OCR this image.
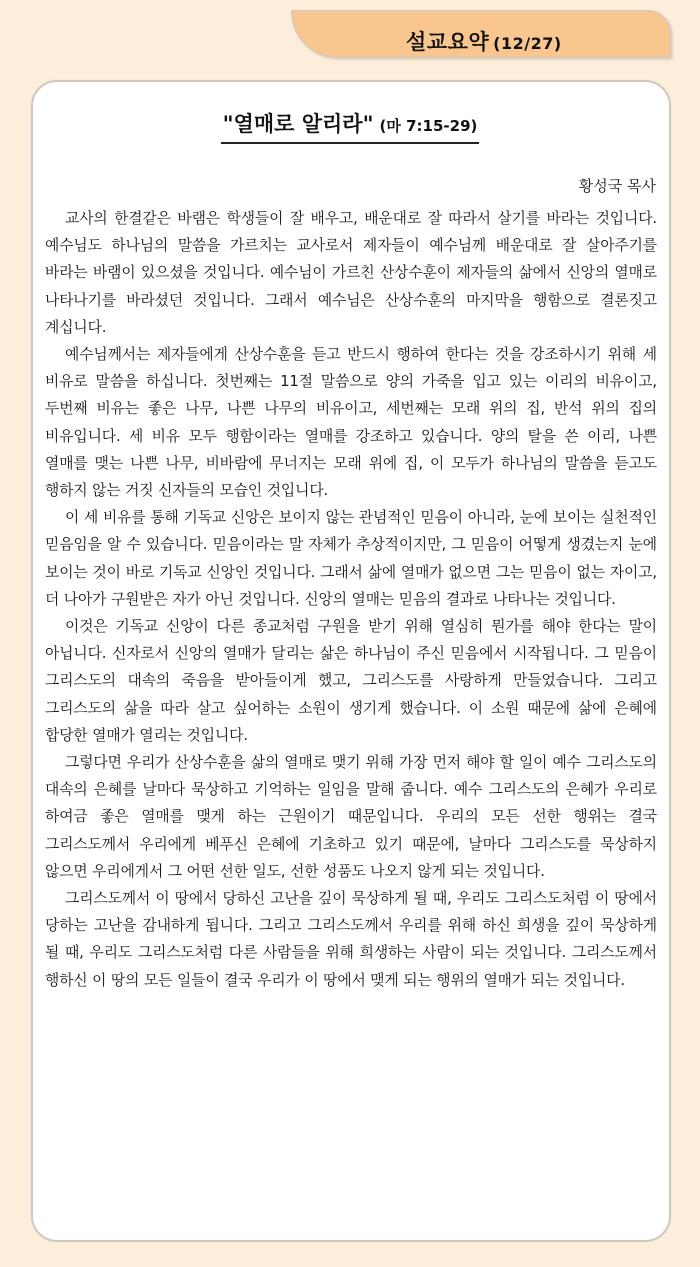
설교요약 (12/27)
"열매로 알리라" (마 7:15-29)
황성국 목사

교사의 한결같은 바램은 학생들이 잘 배우고, 배운대로 잘 따라서 살기를 바라는 것입니다. 예수님도 하나님의 말씀을 가르치는 교사로서 제자들이 예수님께 배운대로 잘 살아주기를 바라는 바램이 있으셨을 것입니다. 예수님이 가르친 산상수훈이 제자들의 삶에서 신앙의 열매로 나타나기를 바라셨던 것입니다. 그래서 예수님은 산상수훈의 마지막을 행함으로 결론짓고 계십니다.

예수님께서는 제자들에게 산상수훈을 듣고 반드시 행하여 한다는 것을 강조하시기 위해 세 비유로 말씀을 하십니다. 첫번째는 11절 말씀으로 양의 가죽을 입고 있는 이리의 비유이고, 두번째 비유는 좋은 나무, 나쁜 나무의 비유이고, 세번째는 모래 위의 집, 반석 위의 집의 비유입니다. 세 비유 모두 행함이라는 열매를 강조하고 있습니다. 양의 탈을 쓴 이리, 나쁜 열매를 맺는 나쁜 나무, 비바람에 무너지는 모래 위에 집, 이 모두가 하나님의 말씀을 듣고도 행하지 않는 거짓 신자들의 모습인 것입니다.

이 세 비유를 통해 기독교 신앙은 보이지 않는 관념적인 믿음이 아니라, 눈에 보이는 실천적인 믿음임을 알 수 있습니다. 믿음이라는 말 자체가 추상적이지만, 그 믿음이 어떻게 생겼는지 눈에 보이는 것이 바로 기독교 신앙인 것입니다. 그래서 삶에 열매가 없으면 그는 믿음이 없는 자이고, 더 나아가 구원받은 자가 아닌 것입니다. 신앙의 열매는 믿음의 결과로 나타나는 것입니다.

이것은 기독교 신앙이 다른 종교처럼 구원을 받기 위해 열심히 뭔가를 해야 한다는 말이 아닙니다. 신자로서 신앙의 열매가 달리는 삶은 하나님이 주신 믿음에서 시작됩니다. 그 믿음이 그리스도의 대속의 죽음을 받아들이게 했고, 그리스도를 사랑하게 만들었습니다. 그리고 그리스도의 삶을 따라 살고 싶어하는 소원이 생기게 했습니다. 이 소원 때문에 삶에 은혜에 합당한 열매가 열리는 것입니다.

그렇다면 우리가 산상수훈을 삶의 열매로 맺기 위해 가장 먼저 해야 할 일이 예수 그리스도의 대속의 은혜를 날마다 묵상하고 기억하는 일임을 말해 줍니다. 예수 그리스도의 은혜가 우리로 하여금 좋은 열매를 맺게 하는 근원이기 때문입니다. 우리의 모든 선한 행위는 결국 그리스도께서 우리에게 베푸신 은혜에 기초하고 있기 때문에, 날마다 그리스도를 묵상하지 않으면 우리에게서 그 어떤 선한 일도, 선한 성품도 나오지 않게 되는 것입니다.

그리스도께서 이 땅에서 당하신 고난을 깊이 묵상하게 될 때, 우리도 그리스도처럼 이 땅에서 당하는 고난을 감내하게 됩니다. 그리고 그리스도께서 우리를 위해 하신 희생을 깊이 묵상하게 될 때, 우리도 그리스도처럼 다른 사람들을 위해 희생하는 사람이 되는 것입니다. 그리스도께서 행하신 이 땅의 모든 일들이 결국 우리가 이 땅에서 맺게 되는 행위의 열매가 되는 것입니다.
